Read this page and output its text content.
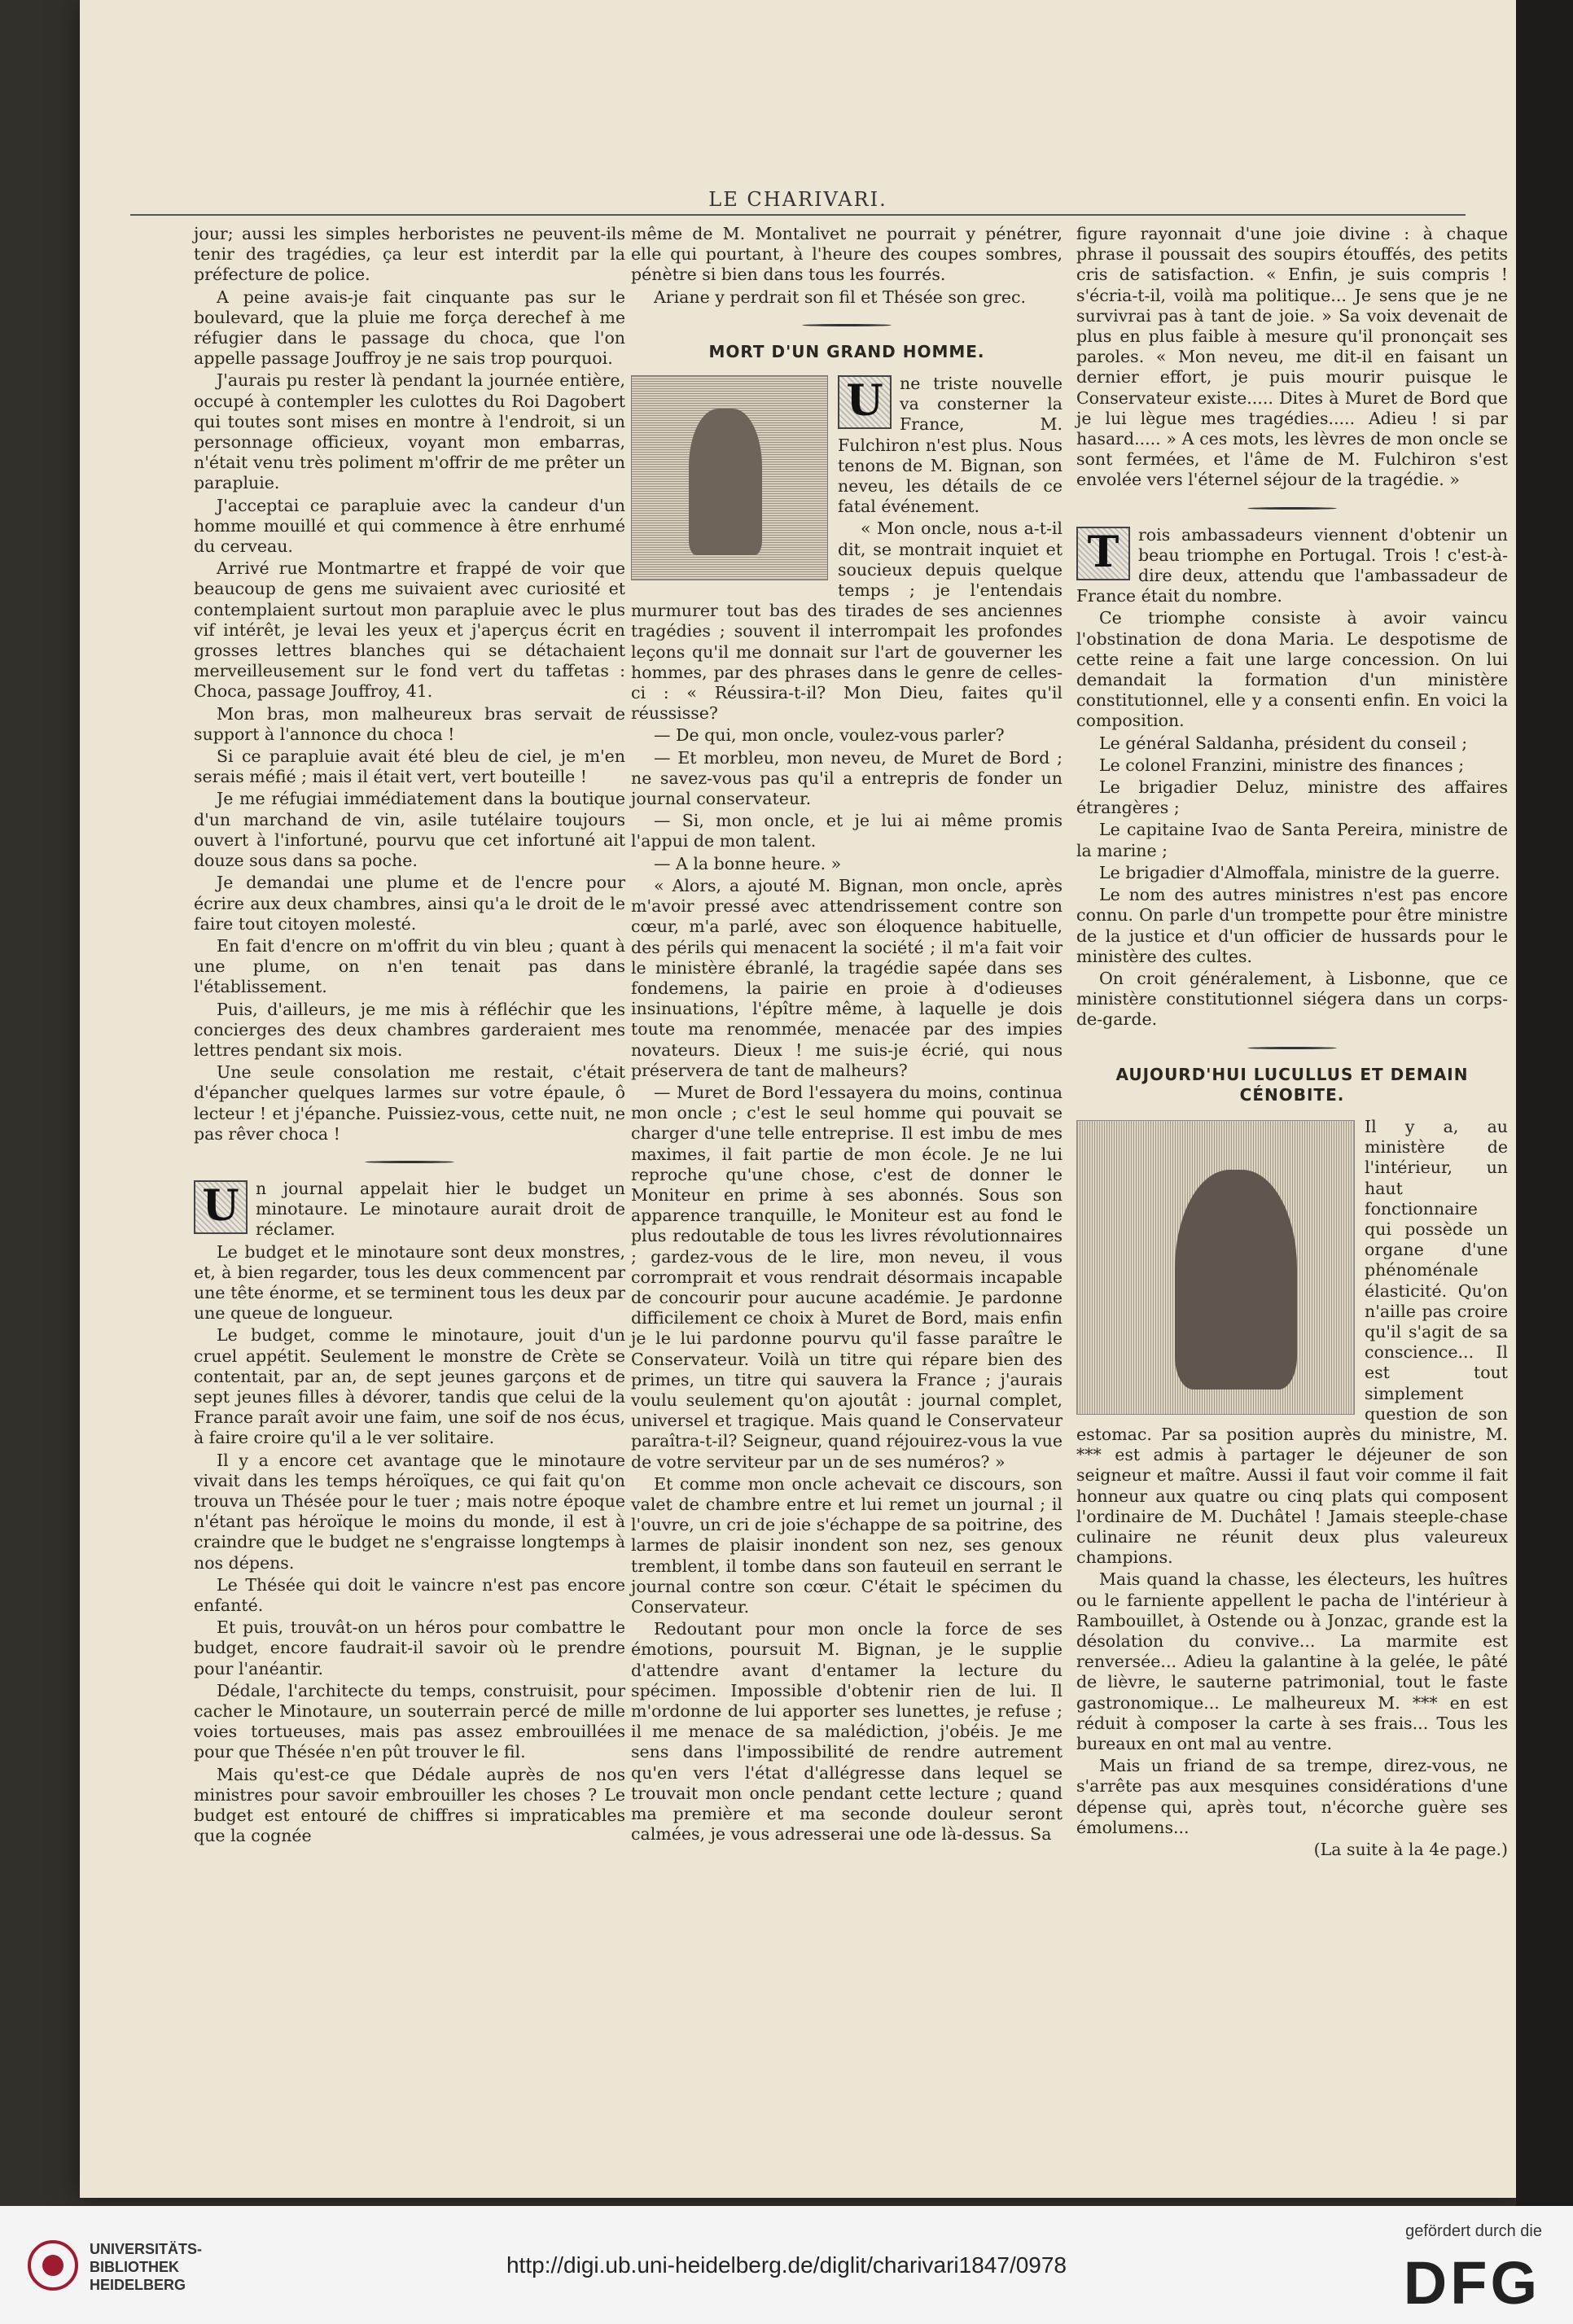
LE CHARIVARI.

jour; aussi les simples herboristes ne peuvent-ils tenir des tragédies, ça leur est interdit par la préfecture de police.

A peine avais-je fait cinquante pas sur le boulevard, que la pluie me força derechef à me réfugier dans le passage du choca, que l'on appelle passage Jouffroy je ne sais trop pourquoi.

J'aurais pu rester là pendant la journée entière, occupé à contempler les culottes du Roi Dagobert qui toutes sont mises en montre à l'endroit, si un personnage officieux, voyant mon embarras, n'était venu très poliment m'offrir de me prêter un parapluie.

J'acceptai ce parapluie avec la candeur d'un homme mouillé et qui commence à être enrhumé du cerveau.

Arrivé rue Montmartre et frappé de voir que beaucoup de gens me suivaient avec curiosité et contemplaient surtout mon parapluie avec le plus vif intérêt, je levai les yeux et j'aperçus écrit en grosses lettres blanches qui se détachaient merveilleusement sur le fond vert du taffetas : Choca, passage Jouffroy, 41.

Mon bras, mon malheureux bras servait de support à l'annonce du choca !

Si ce parapluie avait été bleu de ciel, je m'en serais méfié ; mais il était vert, vert bouteille !

Je me réfugiai immédiatement dans la boutique d'un marchand de vin, asile tutélaire toujours ouvert à l'infortuné, pourvu que cet infortuné ait douze sous dans sa poche.

Je demandai une plume et de l'encre pour écrire aux deux chambres, ainsi qu'a le droit de le faire tout citoyen molesté.

En fait d'encre on m'offrit du vin bleu ; quant à une plume, on n'en tenait pas dans l'établissement.

Puis, d'ailleurs, je me mis à réfléchir que les concierges des deux chambres garderaient mes lettres pendant six mois.

Une seule consolation me restait, c'était d'épancher quelques larmes sur votre épaule, ô lecteur ! et j'épanche. Puissiez-vous, cette nuit, ne pas rêver choca !

U n journal appelait hier le budget un minotaure. Le minotaure aurait droit de réclamer.

Le budget et le minotaure sont deux monstres, et, à bien regarder, tous les deux commencent par une tête énorme, et se terminent tous les deux par une queue de longueur.

Le budget, comme le minotaure, jouit d'un cruel appétit. Seulement le monstre de Crète se contentait, par an, de sept jeunes garçons et de sept jeunes filles à dévorer, tandis que celui de la France paraît avoir une faim, une soif de nos écus, à faire croire qu'il a le ver solitaire.

Il y a encore cet avantage que le minotaure vivait dans les temps héroïques, ce qui fait qu'on trouva un Thésée pour le tuer ; mais notre époque n'étant pas héroïque le moins du monde, il est à craindre que le budget ne s'engraisse longtemps à nos dépens.

Le Thésée qui doit le vaincre n'est pas encore enfanté.

Et puis, trouvât-on un héros pour combattre le budget, encore faudrait-il savoir où le prendre pour l'anéantir.

Dédale, l'architecte du temps, construisit, pour cacher le Minotaure, un souterrain percé de mille voies tortueuses, mais pas assez embrouillées pour que Thésée n'en pût trouver le fil.

Mais qu'est-ce que Dédale auprès de nos ministres pour savoir embrouiller les choses ? Le budget est entouré de chiffres si impraticables que la cognée

même de M. Montalivet ne pourrait y pénétrer, elle qui pourtant, à l'heure des coupes sombres, pénètre si bien dans tous les fourrés.

Ariane y perdrait son fil et Thésée son grec.

MORT D'UN GRAND HOMME.
U ne triste nouvelle va consterner la France, M. Fulchiron n'est plus. Nous tenons de M. Bignan, son neveu, les détails de ce fatal événement.

« Mon oncle, nous a-t-il dit, se montrait inquiet et soucieux depuis quelque temps ; je l'entendais murmurer tout bas des tirades de ses anciennes tragédies ; souvent il interrompait les profondes leçons qu'il me donnait sur l'art de gouverner les hommes, par des phrases dans le genre de celles-ci : « Réussira-t-il? Mon Dieu, faites qu'il réussisse?

— De qui, mon oncle, voulez-vous parler?

— Et morbleu, mon neveu, de Muret de Bord ; ne savez-vous pas qu'il a entrepris de fonder un journal conservateur.

— Si, mon oncle, et je lui ai même promis l'appui de mon talent.

— A la bonne heure. »

« Alors, a ajouté M. Bignan, mon oncle, après m'avoir pressé avec attendrissement contre son cœur, m'a parlé, avec son éloquence habituelle, des périls qui menacent la société ; il m'a fait voir le ministère ébranlé, la tragédie sapée dans ses fondemens, la pairie en proie à d'odieuses insinuations, l'épître même, à laquelle je dois toute ma renommée, menacée par des impies novateurs. Dieux ! me suis-je écrié, qui nous préservera de tant de malheurs?

— Muret de Bord l'essayera du moins, continua mon oncle ; c'est le seul homme qui pouvait se charger d'une telle entreprise. Il est imbu de mes maximes, il fait partie de mon école. Je ne lui reproche qu'une chose, c'est de donner le Moniteur en prime à ses abonnés. Sous son apparence tranquille, le Moniteur est au fond le plus redoutable de tous les livres révolutionnaires ; gardez-vous de le lire, mon neveu, il vous corromprait et vous rendrait désormais incapable de concourir pour aucune académie. Je pardonne difficilement ce choix à Muret de Bord, mais enfin je le lui pardonne pourvu qu'il fasse paraître le Conservateur. Voilà un titre qui répare bien des primes, un titre qui sauvera la France ; j'aurais voulu seulement qu'on ajoutât : journal complet, universel et tragique. Mais quand le Conservateur paraîtra-t-il? Seigneur, quand réjouirez-vous la vue de votre serviteur par un de ses numéros? »

Et comme mon oncle achevait ce discours, son valet de chambre entre et lui remet un journal ; il l'ouvre, un cri de joie s'échappe de sa poitrine, des larmes de plaisir inondent son nez, ses genoux tremblent, il tombe dans son fauteuil en serrant le journal contre son cœur. C'était le spécimen du Conservateur.

Redoutant pour mon oncle la force de ses émotions, poursuit M. Bignan, je le supplie d'attendre avant d'entamer la lecture du spécimen. Impossible d'obtenir rien de lui. Il m'ordonne de lui apporter ses lunettes, je refuse ; il me menace de sa malédiction, j'obéis. Je me sens dans l'impossibilité de rendre autrement qu'en vers l'état d'allégresse dans lequel se trouvait mon oncle pendant cette lecture ; quand ma première et ma seconde douleur seront calmées, je vous adresserai une ode là-dessus. Sa

figure rayonnait d'une joie divine : à chaque phrase il poussait des soupirs étouffés, des petits cris de satisfaction. « Enfin, je suis compris ! s'écria-t-il, voilà ma politique... Je sens que je ne survivrai pas à tant de joie. » Sa voix devenait de plus en plus faible à mesure qu'il prononçait ses paroles. « Mon neveu, me dit-il en faisant un dernier effort, je puis mourir puisque le Conservateur existe..... Dites à Muret de Bord que je lui lègue mes tragédies..... Adieu ! si par hasard..... » A ces mots, les lèvres de mon oncle se sont fermées, et l'âme de M. Fulchiron s'est envolée vers l'éternel séjour de la tragédie. »

T	rois ambassadeurs viennent d'obtenir un beau triomphe en Portugal. Trois ! c'est-à-dire deux, attendu que l'ambassadeur de France était du nombre.

Ce triomphe consiste à avoir vaincu l'obstination de dona Maria. Le despotisme de cette reine a fait une large concession. On lui demandait la formation d'un ministère constitutionnel, elle y a consenti enfin. En voici la composition.

Le général Saldanha, président du conseil ;

Le colonel Franzini, ministre des finances ;

Le brigadier Deluz, ministre des affaires étrangères ;

Le capitaine Ivao de Santa Pereira, ministre de la marine ;

Le brigadier d'Almoffala, ministre de la guerre.

Le nom des autres ministres n'est pas encore connu. On parle d'un trompette pour être ministre de la justice et d'un officier de hussards pour le ministère des cultes.

On croit généralement, à Lisbonne, que ce ministère constitutionnel siégera dans un corps-de-garde.

AUJOURD'HUI LUCULLUS ET DEMAIN CÉNOBITE.

Il y a, au ministère de l'intérieur, un haut fonctionnaire qui possède un organe d'une phénoménale élasticité. Qu'on n'aille pas croire qu'il s'agit de sa conscience... Il est tout simplement question de son estomac. Par sa position auprès du ministre, M. *** est admis à partager le déjeuner de son seigneur et maître. Aussi il faut voir comme il fait honneur aux quatre ou cinq plats qui composent l'ordinaire de M. Duchâtel ! Jamais steeple-chase culinaire ne réunit deux plus valeureux champions.

Mais quand la chasse, les électeurs, les huîtres ou le farniente appellent le pacha de l'intérieur à Rambouillet, à Ostende ou à Jonzac, grande est la désolation du convive... La marmite est renversée... Adieu la galantine à la gelée, le pâté de lièvre, le sauterne patrimonial, tout le faste gastronomique... Le malheureux M. *** en est réduit à composer la carte à ses frais... Tous les bureaux en ont mal au ventre.

Mais un friand de sa trempe, direz-vous, ne s'arrête pas aux mesquines considérations d'une dépense qui, après tout, n'écorche guère ses émolumens...

(La suite à la 4e page.)

UNIVERSITÄTS-
BIBLIOTHEK
HEIDELBERG
http://digi.ub.uni-heidelberg.de/diglit/charivari1847/0978
gefördert durch die
DFG
